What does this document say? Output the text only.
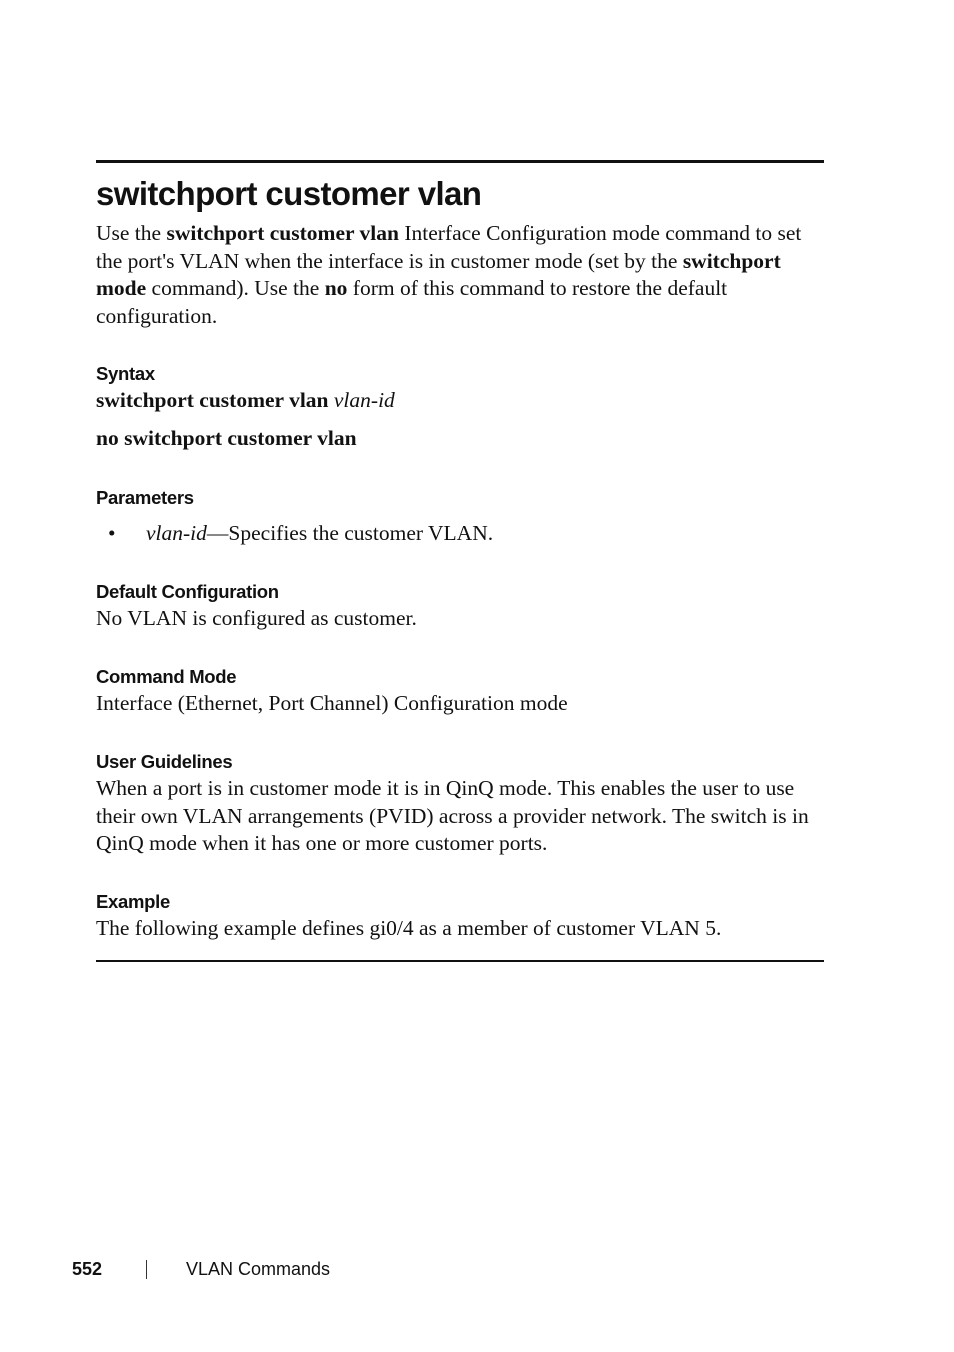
switchport customer vlan

Use the switchport customer vlan Interface Configuration mode command to set the port's VLAN when the interface is in customer mode (set by the switchport mode command). Use the no form of this command to restore the default configuration.

Syntax

switchport customer vlan vlan-id

no switchport customer vlan

Parameters
• vlan-id—Specifies the customer VLAN.
Default Configuration

No VLAN is configured as customer.

Command Mode

Interface (Ethernet, Port Channel) Configuration mode

User Guidelines

When a port is in customer mode it is in QinQ mode. This enables the user to use their own VLAN arrangements (PVID) across a provider network. The switch is in QinQ mode when it has one or more customer ports.

Example

The following example defines gi0/4 as a member of customer VLAN 5.

552	VLAN Commands
